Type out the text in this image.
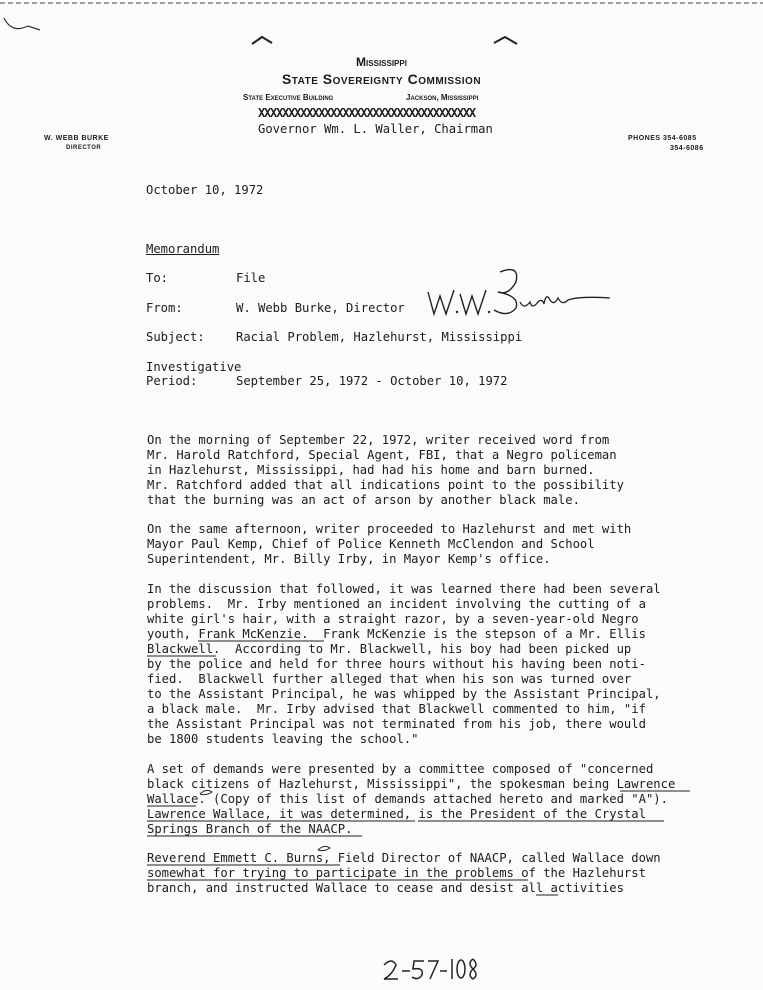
Mississippi
State Sovereignty Commission
State Executive Building	Jackson, Mississippi
XXXXXXXXXXXXXXXXXXXXXXXXXXXXXXXXXXXX
Governor Wm. L. Waller, Chairman
W. WEBB BURKE
DIRECTOR
PHONES 354-6085
354-6086
October 10, 1972
Memorandum
To:	File
From:	W. Webb Burke, Director
Subject:	Racial Problem, Hazlehurst, Mississippi
Investigative
Period:	September 25, 1972 - October 10, 1972
On the morning of September 22, 1972, writer received word from
Mr. Harold Ratchford, Special Agent, FBI, that a Negro policeman
in Hazlehurst, Mississippi, had had his home and barn burned.
Mr. Ratchford added that all indications point to the possibility
that the burning was an act of arson by another black male.
On the same afternoon, writer proceeded to Hazlehurst and met with
Mayor Paul Kemp, Chief of Police Kenneth McClendon and School
Superintendent, Mr. Billy Irby, in Mayor Kemp's office.
In the discussion that followed, it was learned there had been several
problems.  Mr. Irby mentioned an incident involving the cutting of a
white girl's hair, with a straight razor, by a seven-year-old Negro
youth, Frank McKenzie.  Frank McKenzie is the stepson of a Mr. Ellis
Blackwell.  According to Mr. Blackwell, his boy had been picked up
by the police and held for three hours without his having been noti-
fied.  Blackwell further alleged that when his son was turned over
to the Assistant Principal, he was whipped by the Assistant Principal,
a black male.  Mr. Irby advised that Blackwell commented to him, "if
the Assistant Principal was not terminated from his job, there would
be 1800 students leaving the school."
A set of demands were presented by a committee composed of "concerned
black citizens of Hazlehurst, Mississippi", the spokesman being Lawrence
Wallace. (Copy of this list of demands attached hereto and marked "A").
Lawrence Wallace, it was determined, is the President of the Crystal
Springs Branch of the NAACP.
Reverend Emmett C. Burns, Field Director of NAACP, called Wallace down
somewhat for trying to participate in the problems of the Hazlehurst
branch, and instructed Wallace to cease and desist all activities
